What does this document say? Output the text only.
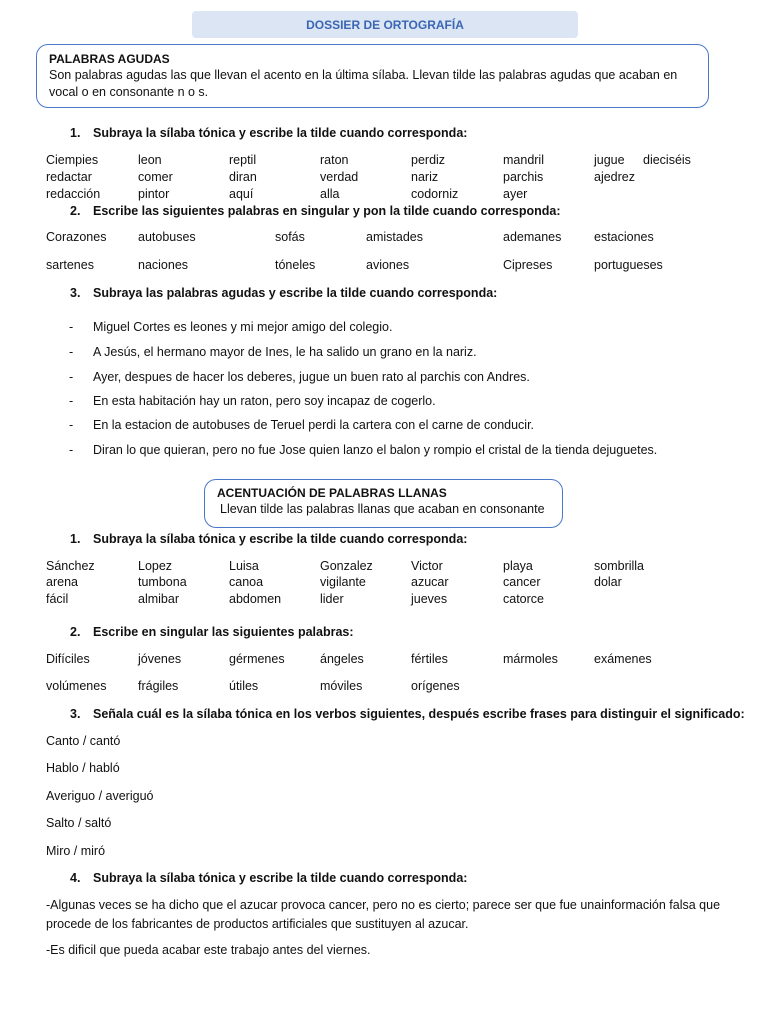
DOSSIER DE ORTOGRAFÍA
PALABRAS AGUDAS
Son palabras agudas las que llevan el acento en la última sílaba. Llevan tilde las palabras agudas que acaban en
vocal o en consonante n o s.
1. Subraya la sílaba tónica y escribe la tilde cuando corresponda:
Ciempies	leon	reptil	raton	perdiz	mandril	jugue dieciséis
redactar	comer	diran	verdad	nariz	parchis	ajedrez
redacción	pintor	aquí	alla	codorniz	ayer
2. Escribe las siguientes palabras en singular y pon la tilde cuando corresponda:
Corazones	autobuses	sofás	amistades	ademanes	estaciones
sartenes	naciones	tóneles	aviones	Cipreses	portugueses
3. Subraya las palabras agudas y escribe la tilde cuando corresponda:
- Miguel Cortes es leones y mi mejor amigo del colegio.
- A Jesús, el hermano mayor de Ines, le ha salido un grano en la nariz.
- Ayer, despues de hacer los deberes, jugue un buen rato al parchis con Andres.
- En esta habitación hay un raton, pero soy incapaz de cogerlo.
- En la estacion de autobuses de Teruel perdi la cartera con el carne de conducir.
- Diran lo que quieran, pero no fue Jose quien lanzo el balon y rompio el cristal de la tienda dejuguetes.
ACENTUACIÓN DE PALABRAS LLANAS
Llevan tilde las palabras llanas que acaban en consonante
1. Subraya la sílaba tónica y escribe la tilde cuando corresponda:
Sánchez	Lopez	Luisa	Gonzalez	Victor	playa	sombrilla
arena	tumbona	canoa	vigilante	azucar	cancer	dolar
fácil	almibar	abdomen	lider	jueves	catorce
2. Escribe en singular las siguientes palabras:
Difíciles	jóvenes	gérmenes	ángeles	fértiles	mármoles	exámenes
volúmenes	frágiles	útiles	móviles	orígenes
3. Señala cuál es la sílaba tónica en los verbos siguientes, después escribe frases para distinguir el significado:
Canto / cantó
Hablo / habló
Averiguo / averiguó
Salto / saltó
Miro / miró
4. Subraya la sílaba tónica y escribe la tilde cuando corresponda:
-Algunas veces se ha dicho que el azucar provoca cancer, pero no es cierto; parece ser que fue unainformación falsa que procede de los fabricantes de productos artificiales que sustituyen al azucar.
-Es dificil que pueda acabar este trabajo antes del viernes.
